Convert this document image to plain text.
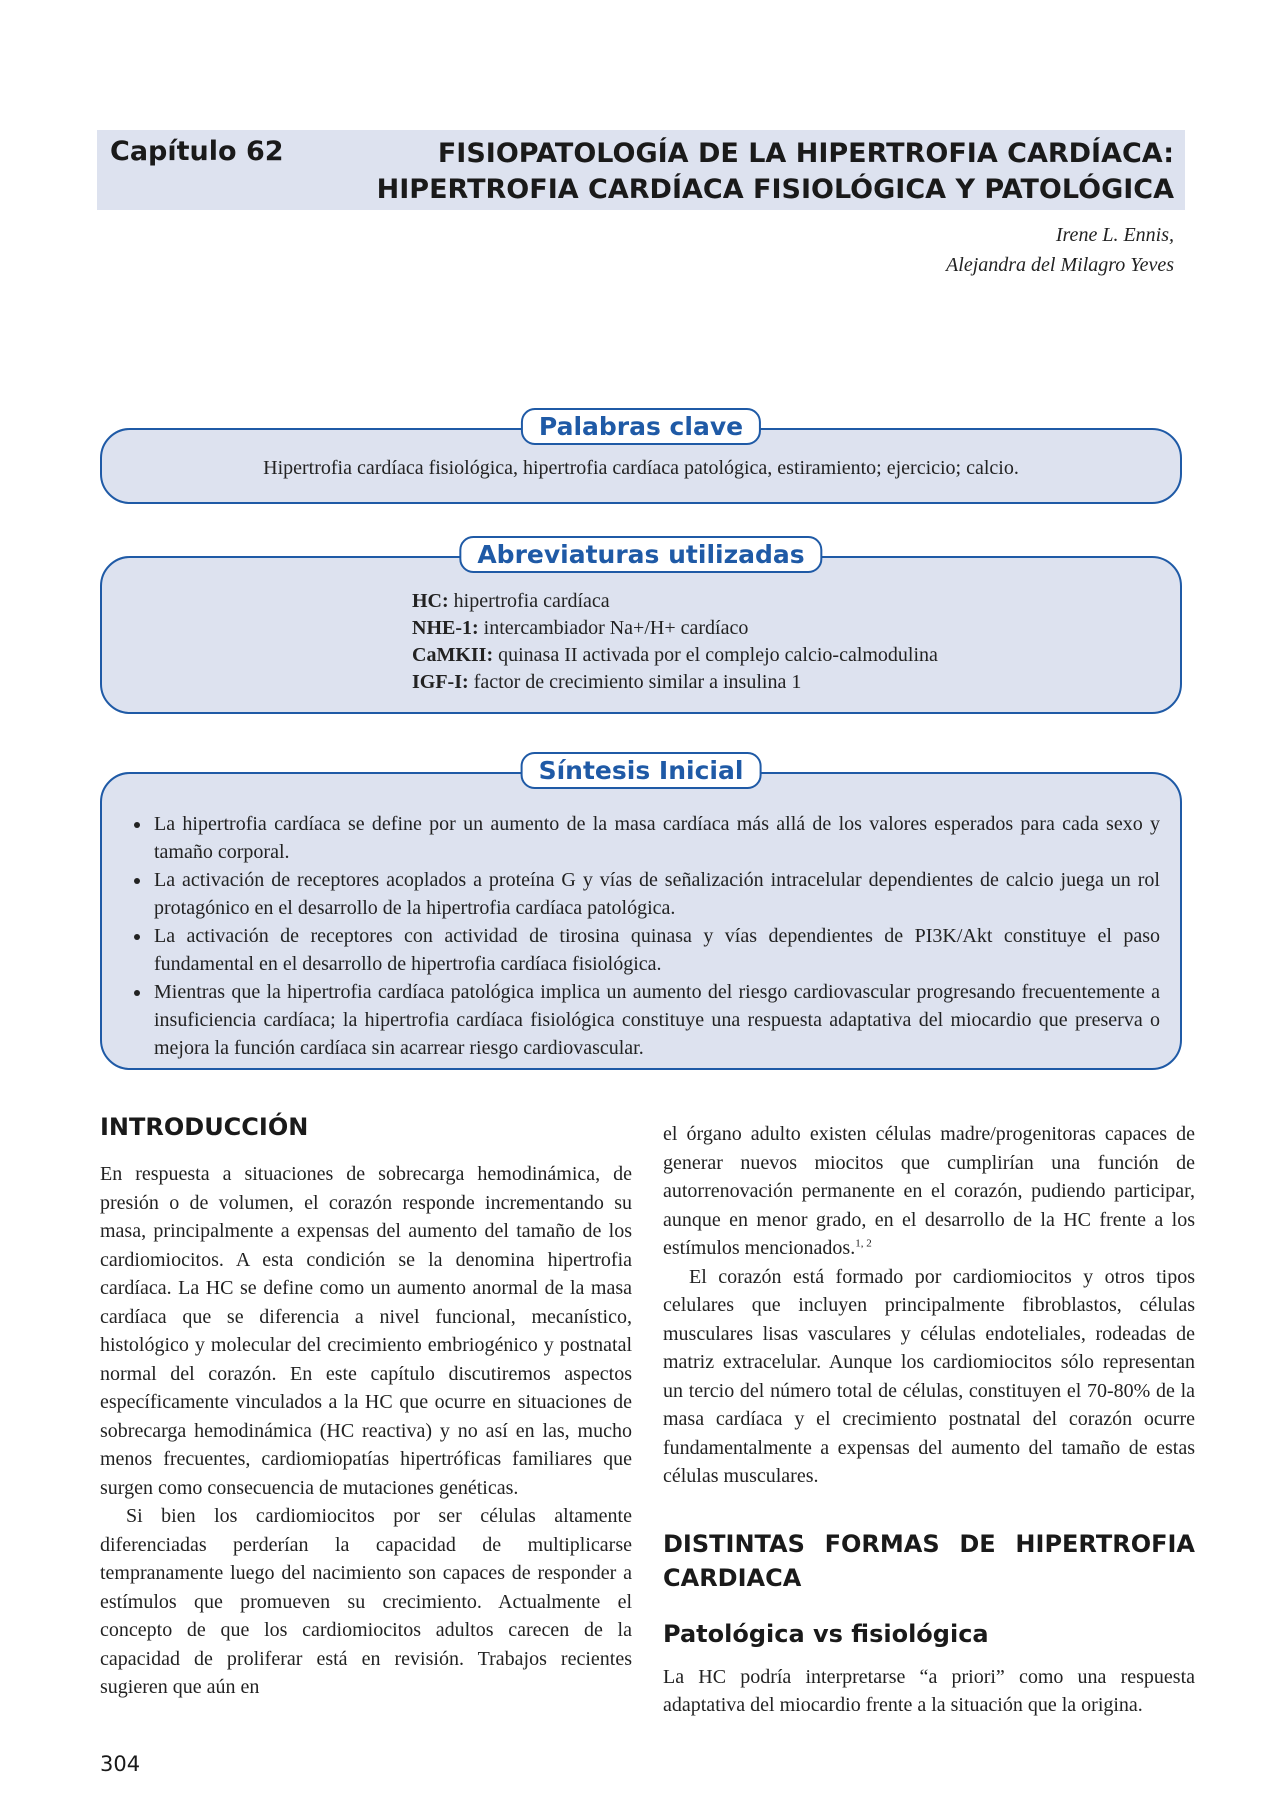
Capítulo 62	FISIOPATOLOGÍA DE LA HIPERTROFIA CARDÍACA:
HIPERTROFIA CARDÍACA FISIOLÓGICA Y PATOLÓGICA
Irene L. Ennis,
Alejandra del Milagro Yeves
Palabras clave
Hipertrofia cardíaca fisiológica, hipertrofia cardíaca patológica, estiramiento; ejercicio; calcio.
Abreviaturas utilizadas
HC: hipertrofia cardíaca
NHE-1: intercambiador Na+/H+ cardíaco
CaMKII: quinasa II activada por el complejo calcio-calmodulina
IGF-I: factor de crecimiento similar a insulina 1
Síntesis Inicial
• La hipertrofia cardíaca se define por un aumento de la masa cardíaca más allá de los valores esperados para cada sexo y tamaño corporal.
• La activación de receptores acoplados a proteína G y vías de señalización intracelular dependientes de calcio juega un rol protagónico en el desarrollo de la hipertrofia cardíaca patológica.
• La activación de receptores con actividad de tirosina quinasa y vías dependientes de PI3K/Akt constituye el paso fundamental en el desarrollo de hipertrofia cardíaca fisiológica.
• Mientras que la hipertrofia cardíaca patológica implica un aumento del riesgo cardiovascular progresando frecuentemente a insuficiencia cardíaca; la hipertrofia cardíaca fisiológica constituye una respuesta adaptativa del miocardio que preserva o mejora la función cardíaca sin acarrear riesgo cardiovascular.
INTRODUCCIÓN

En respuesta a situaciones de sobrecarga hemodinámica, de presión o de volumen, el corazón responde incrementando su masa, principalmente a expensas del aumento del tamaño de los cardiomiocitos. A esta condición se la denomina hipertrofia cardíaca. La HC se define como un aumento anormal de la masa cardíaca que se diferencia a nivel funcional, mecanístico, histológico y molecular del crecimiento embriogénico y postnatal normal del corazón. En este capítulo discutiremos aspectos específicamente vinculados a la HC que ocurre en situaciones de sobrecarga hemodinámica (HC reactiva) y no así en las, mucho menos frecuentes, cardiomiopatías hipertróficas familiares que surgen como consecuencia de mutaciones genéticas.

Si bien los cardiomiocitos por ser células altamente diferenciadas perderían la capacidad de multiplicarse tempranamente luego del nacimiento son capaces de responder a estímulos que promueven su crecimiento. Actualmente el concepto de que los cardiomiocitos adultos carecen de la capacidad de proliferar está en revisión. Trabajos recientes sugieren que aún en

el órgano adulto existen células madre/progenitoras capaces de generar nuevos miocitos que cumplirían una función de autorrenovación permanente en el corazón, pudiendo participar, aunque en menor grado, en el desarrollo de la HC frente a los estímulos mencionados.$^{1, 2}$

El corazón está formado por cardiomiocitos y otros tipos celulares que incluyen principalmente fibroblastos, células musculares lisas vasculares y células endoteliales, rodeadas de matriz extracelular. Aunque los cardiomiocitos sólo representan un tercio del número total de células, constituyen el 70-80% de la masa cardíaca y el crecimiento postnatal del corazón ocurre fundamentalmente a expensas del aumento del tamaño de estas células musculares.

DISTINTAS FORMAS DE HIPERTROFIA CARDIACA
Patológica vs fisiológica

La HC podría interpretarse “a priori” como una respuesta adaptativa del miocardio frente a la situación que la origina.

304
